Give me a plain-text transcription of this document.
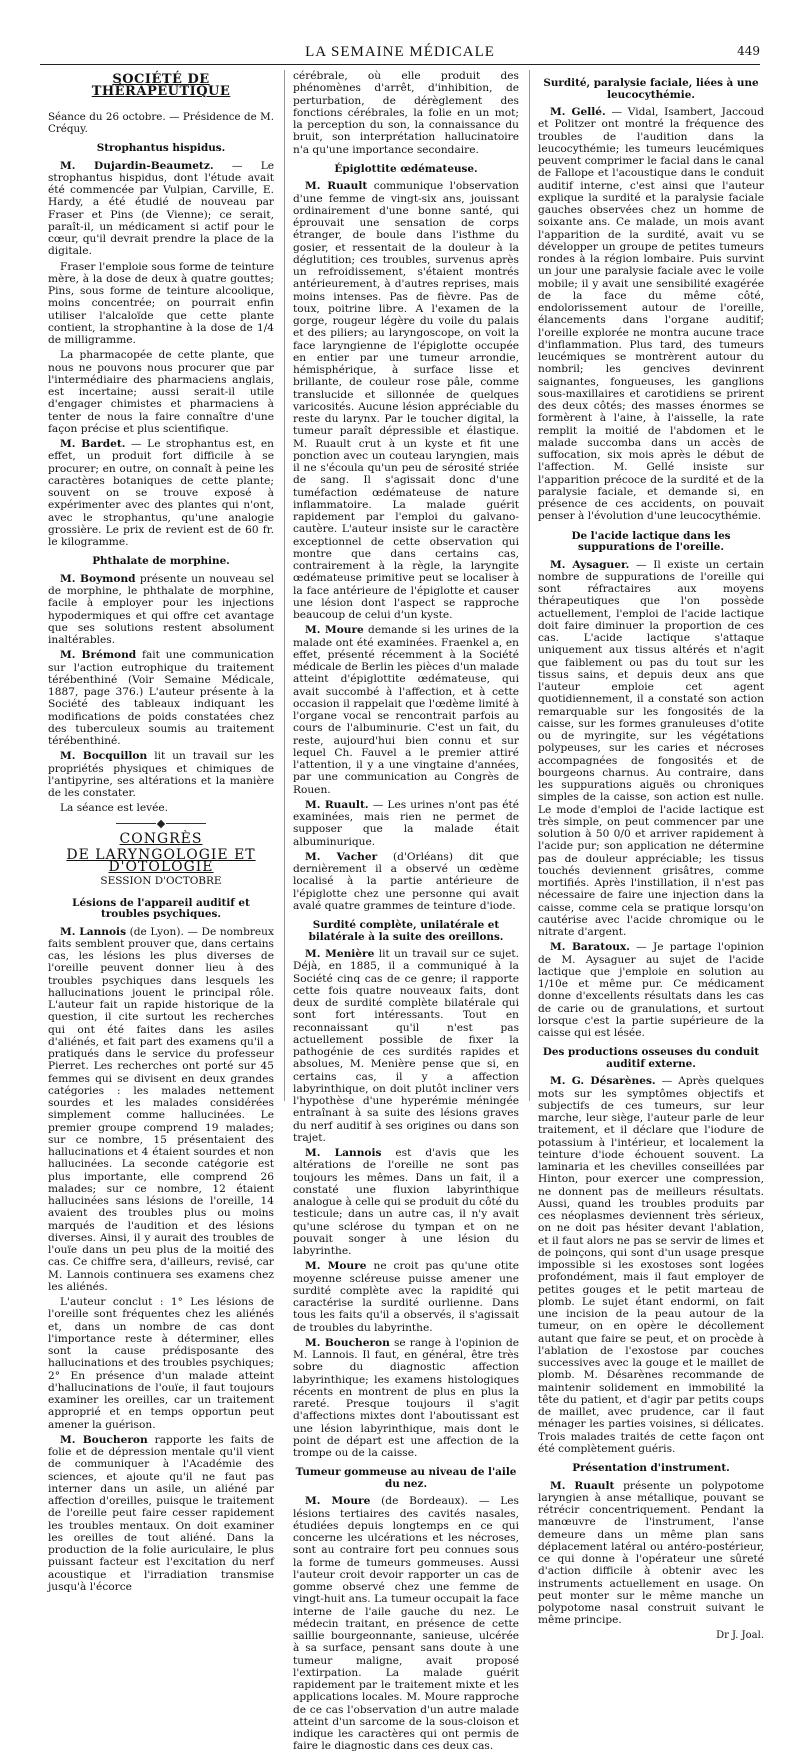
LA SEMAINE MÉDICALE	449
SOCIÉTÉ DE THÉRAPEUTIQUE
Séance du 26 octobre. — Présidence de M. Créquy.
Strophantus hispidus.

M. Dujardin-Beaumetz. — Le strophantus hispidus, dont l'étude avait été commencée par Vulpian, Carville, E. Hardy, a été étudié de nouveau par Fraser et Pins (de Vienne); ce serait, paraît-il, un médicament si actif pour le cœur, qu'il devrait prendre la place de la digitale.

Fraser l'emploie sous forme de teinture mère, à la dose de deux à quatre gouttes; Pins, sous forme de teinture alcoolique, moins concentrée; on pourrait enfin utiliser l'alcaloïde que cette plante contient, la strophantine à la dose de 1/4 de milligramme.

La pharmacopée de cette plante, que nous ne pouvons nous procurer que par l'intermédiaire des pharmaciens anglais, est incertaine; aussi serait-il utile d'engager chimistes et pharmaciens à tenter de nous la faire connaître d'une façon précise et plus scientifique.

M. Bardet. — Le strophantus est, en effet, un produit fort difficile à se procurer; en outre, on connaît à peine les caractères botaniques de cette plante; souvent on se trouve exposé à expérimenter avec des plantes qui n'ont, avec le strophantus, qu'une analogie grossière. Le prix de revient est de 60 fr. le kilogramme.

Phthalate de morphine.

M. Boymond présente un nouveau sel de morphine, le phthalate de morphine, facile à employer pour les injections hypodermiques et qui offre cet avantage que ses solutions restent absolument inaltérables.

M. Brémond fait une communication sur l'action eutrophique du traitement térébenthiné (Voir Semaine Médicale, 1887, page 376.) L'auteur présente à la Société des tableaux indiquant les modifications de poids constatées chez des tuberculeux soumis au traitement térébenthiné.

M. Bocquillon lit un travail sur les propriétés physiques et chimiques de l'antipyrine, ses altérations et la manière de les constater.

La séance est levée.

CONGRÈS
DE LARYNGOLOGIE ET D'OTOLOGIE
SESSION D'OCTOBRE
Lésions de l'appareil auditif et troubles psychiques.

M. Lannois (de Lyon). — De nombreux faits semblent prouver que, dans certains cas, les lésions les plus diverses de l'oreille peuvent donner lieu à des troubles psychiques dans lesquels les hallucinations jouent le principal rôle. L'auteur fait un rapide historique de la question, il cite surtout les recherches qui ont été faites dans les asiles d'aliénés, et fait part des examens qu'il a pratiqués dans le service du professeur Pierret. Les recherches ont porté sur 45 femmes qui se divisent en deux grandes catégories : les malades nettement sourdes et les malades considérées simplement comme hallucinées. Le premier groupe comprend 19 malades; sur ce nombre, 15 présentaient des hallucinations et 4 étaient sourdes et non hallucinées. La seconde catégorie est plus importante, elle comprend 26 malades; sur ce nombre, 12 étaient hallucinées sans lésions de l'oreille, 14 avaient des troubles plus ou moins marqués de l'audition et des lésions diverses. Ainsi, il y aurait des troubles de l'ouïe dans un peu plus de la moitié des cas. Ce chiffre sera, d'ailleurs, revisé, car M. Lannois continuera ses examens chez les aliénés.

L'auteur conclut : 1° Les lésions de l'oreille sont fréquentes chez les aliénés et, dans un nombre de cas dont l'importance reste à déterminer, elles sont la cause prédisposante des hallucinations et des troubles psychiques; 2° En présence d'un malade atteint d'hallucinations de l'ouïe, il faut toujours examiner les oreilles, car un traitement approprié et en temps opportun peut amener la guérison.

M. Boucheron rapporte les faits de folie et de dépression mentale qu'il vient de communiquer à l'Académie des sciences, et ajoute qu'il ne faut pas interner dans un asile, un aliéné par affection d'oreilles, puisque le traitement de l'oreille peut faire cesser rapidement les troubles mentaux. On doit examiner les oreilles de tout aliéné. Dans la production de la folie auriculaire, le plus puissant facteur est l'excitation du nerf acoustique et l'irradiation transmise jusqu'à l'écorce

cérébrale, où elle produit des phénomènes d'arrêt, d'inhibition, de perturbation, de dérèglement des fonctions cérébrales, la folie en un mot; la perception du son, la connaissance du bruit, son interprétation hallucinatoire n'a qu'une importance secondaire.

Épiglottite œdémateuse.

M. Ruault communique l'observation d'une femme de vingt-six ans, jouissant ordinairement d'une bonne santé, qui éprouvait une sensation de corps étranger, de boule dans l'isthme du gosier, et ressentait de la douleur à la déglutition; ces troubles, survenus après un refroidissement, s'étaient montrés antérieurement, à d'autres reprises, mais moins intenses. Pas de fièvre. Pas de toux, poitrine libre. A l'examen de la gorge, rougeur légère du voile du palais et des piliers; au laryngoscope, on voit la face laryngienne de l'épiglotte occupée en entier par une tumeur arrondie, hémisphérique, à surface lisse et brillante, de couleur rose pâle, comme translucide et sillonnée de quelques varicosités. Aucune lésion appréciable du reste du larynx. Par le toucher digital, la tumeur paraît dépressible et élastique. M. Ruault crut à un kyste et fit une ponction avec un couteau laryngien, mais il ne s'écoula qu'un peu de sérosité striée de sang. Il s'agissait donc d'une tuméfaction œdémateuse de nature inflammatoire. La malade guérit rapidement par l'emploi du galvano-cautère. L'auteur insiste sur le caractère exceptionnel de cette observation qui montre que dans certains cas, contrairement à la règle, la laryngite œdémateuse primitive peut se localiser à la face antérieure de l'épiglotte et causer une lésion dont l'aspect se rapproche beaucoup de celui d'un kyste.

M. Moure demande si les urines de la malade ont été examinées. Fraenkel a, en effet, présenté récemment à la Société médicale de Berlin les pièces d'un malade atteint d'épiglottite œdémateuse, qui avait succombé à l'affection, et à cette occasion il rappelait que l'œdème limité à l'organe vocal se rencontrait parfois au cours de l'albuminurie. C'est un fait, du reste, aujourd'hui bien connu et sur lequel Ch. Fauvel a le premier attiré l'attention, il y a une vingtaine d'années, par une communication au Congrès de Rouen.

M. Ruault. — Les urines n'ont pas été examinées, mais rien ne permet de supposer que la malade était albuminurique.

M. Vacher (d'Orléans) dit que dernièrement il a observé un œdème localisé à la partie antérieure de l'épiglotte chez une personne qui avait avalé quatre grammes de teinture d'iode.

Surdité complète, unilatérale et bilatérale à la suite des oreillons.

M. Menière lit un travail sur ce sujet. Déjà, en 1885, il a communiqué à la Société cinq cas de ce genre; il rapporte cette fois quatre nouveaux faits, dont deux de surdité complète bilatérale qui sont fort intéressants. Tout en reconnaissant qu'il n'est pas actuellement possible de fixer la pathogénie de ces surdités rapides et absolues, M. Menière pense que si, en certains cas, il y a affection labyrinthique, on doit plutôt incliner vers l'hypothèse d'une hyperémie méningée entraînant à sa suite des lésions graves du nerf auditif à ses origines ou dans son trajet.

M. Lannois est d'avis que les altérations de l'oreille ne sont pas toujours les mêmes. Dans un fait, il a constaté une fluxion labyrinthique analogue à celle qui se produit du côté du testicule; dans un autre cas, il n'y avait qu'une sclérose du tympan et on ne pouvait songer à une lésion du labyrinthe.

M. Moure ne croit pas qu'une otite moyenne scléreuse puisse amener une surdité complète avec la rapidité qui caractérise la surdité ourlienne. Dans tous les faits qu'il a observés, il s'agissait de troubles du labyrinthe.

M. Boucheron se range à l'opinion de M. Lannois. Il faut, en général, être très sobre du diagnostic affection labyrinthique; les examens histologiques récents en montrent de plus en plus la rareté. Presque toujours il s'agit d'affections mixtes dont l'aboutissant est une lésion labyrinthique, mais dont le point de départ est une affection de la trompe ou de la caisse.

Tumeur gommeuse au niveau de l'aile du nez.

M. Moure (de Bordeaux). — Les lésions tertiaires des cavités nasales, étudiées depuis longtemps en ce qui concerne les ulcérations et les nécroses, sont au contraire fort peu connues sous la forme de tumeurs gommeuses. Aussi l'auteur croit devoir rapporter un cas de gomme observé chez une femme de vingt-huit ans. La tumeur occupait la face interne de l'aile gauche du nez. Le médecin traitant, en présence de cette saillie bourgeonnante, sanieuse, ulcérée à sa surface, pensant sans doute à une tumeur maligne, avait proposé l'extirpation. La malade guérit rapidement par le traitement mixte et les applications locales. M. Moure rapproche de ce cas l'observation d'un autre malade atteint d'un sarcome de la sous-cloison et indique les caractères qui ont permis de faire le diagnostic dans ces deux cas.

Surdité, paralysie faciale, liées à une leucocythémie.

M. Gellé. — Vidal, Isambert, Jaccoud et Politzer ont montré la fréquence des troubles de l'audition dans la leucocythémie; les tumeurs leucémiques peuvent comprimer le facial dans le canal de Fallope et l'acoustique dans le conduit auditif interne, c'est ainsi que l'auteur explique la surdité et la paralysie faciale gauches observées chez un homme de soixante ans. Ce malade, un mois avant l'apparition de la surdité, avait vu se développer un groupe de petites tumeurs rondes à la région lombaire. Puis survint un jour une paralysie faciale avec le voile mobile; il y avait une sensibilité exagérée de la face du même côté, endolorissement autour de l'oreille, élancements dans l'organe auditif; l'oreille explorée ne montra aucune trace d'inflammation. Plus tard, des tumeurs leucémiques se montrèrent autour du nombril; les gencives devinrent saignantes, fongueuses, les ganglions sous-maxillaires et carotidiens se prirent des deux côtés; des masses énormes se formèrent à l'aine, à l'aisselle, la rate remplit la moitié de l'abdomen et le malade succomba dans un accès de suffocation, six mois après le début de l'affection. M. Gellé insiste sur l'apparition précoce de la surdité et de la paralysie faciale, et demande si, en présence de ces accidents, on pouvait penser à l'évolution d'une leucocythémie.

De l'acide lactique dans les suppurations de l'oreille.

M. Aysaguer. — Il existe un certain nombre de suppurations de l'oreille qui sont réfractaires aux moyens thérapeutiques que l'on possède actuellement, l'emploi de l'acide lactique doit faire diminuer la proportion de ces cas. L'acide lactique s'attaque uniquement aux tissus altérés et n'agit que faiblement ou pas du tout sur les tissus sains, et depuis deux ans que l'auteur emploie cet agent quotidiennement, il a constaté son action remarquable sur les fongosités de la caisse, sur les formes granuleuses d'otite ou de myringite, sur les végétations polypeuses, sur les caries et nécroses accompagnées de fongosités et de bourgeons charnus. Au contraire, dans les suppurations aiguës ou chroniques simples de la caisse, son action est nulle. Le mode d'emploi de l'acide lactique est très simple, on peut commencer par une solution à 50 0/0 et arriver rapidement à l'acide pur; son application ne détermine pas de douleur appréciable; les tissus touchés deviennent grisâtres, comme mortifiés. Après l'instillation, il n'est pas nécessaire de faire une injection dans la caisse, comme cela se pratique lorsqu'on cautérise avec l'acide chromique ou le nitrate d'argent.

M. Baratoux. — Je partage l'opinion de M. Aysaguer au sujet de l'acide lactique que j'emploie en solution au 1/10e et même pur. Ce médicament donne d'excellents résultats dans les cas de carie ou de granulations, et surtout lorsque c'est la partie supérieure de la caisse qui est lésée.

Des productions osseuses du conduit auditif externe.

M. G. Désarènes. — Après quelques mots sur les symptômes objectifs et subjectifs de ces tumeurs, sur leur marche, leur siège, l'auteur parle de leur traitement, et il déclare que l'iodure de potassium à l'intérieur, et localement la teinture d'iode échouent souvent. La laminaria et les chevilles conseillées par Hinton, pour exercer une compression, ne donnent pas de meilleurs résultats. Aussi, quand les troubles produits par ces néoplasmes deviennent très sérieux, on ne doit pas hésiter devant l'ablation, et il faut alors ne pas se servir de limes et de poinçons, qui sont d'un usage presque impossible si les exostoses sont logées profondément, mais il faut employer de petites gouges et le petit marteau de plomb. Le sujet étant endormi, on fait une incision de la peau autour de la tumeur, on en opère le décollement autant que faire se peut, et on procède à l'ablation de l'exostose par couches successives avec la gouge et le maillet de plomb. M. Désarènes recommande de maintenir solidement en immobilité la tête du patient, et d'agir par petits coups de maillet, avec prudence, car il faut ménager les parties voisines, si délicates. Trois malades traités de cette façon ont été complètement guéris.

Présentation d'instrument.

M. Ruault présente un polypotome laryngien à anse métallique, pouvant se rétrécir concentriquement. Pendant la manœuvre de l'instrument, l'anse demeure dans un même plan sans déplacement latéral ou antéro-postérieur, ce qui donne à l'opérateur une sûreté d'action difficile à obtenir avec les instruments actuellement en usage. On peut monter sur le même manche un polypotome nasal construit suivant le même principe.

Dr J. Joal.
